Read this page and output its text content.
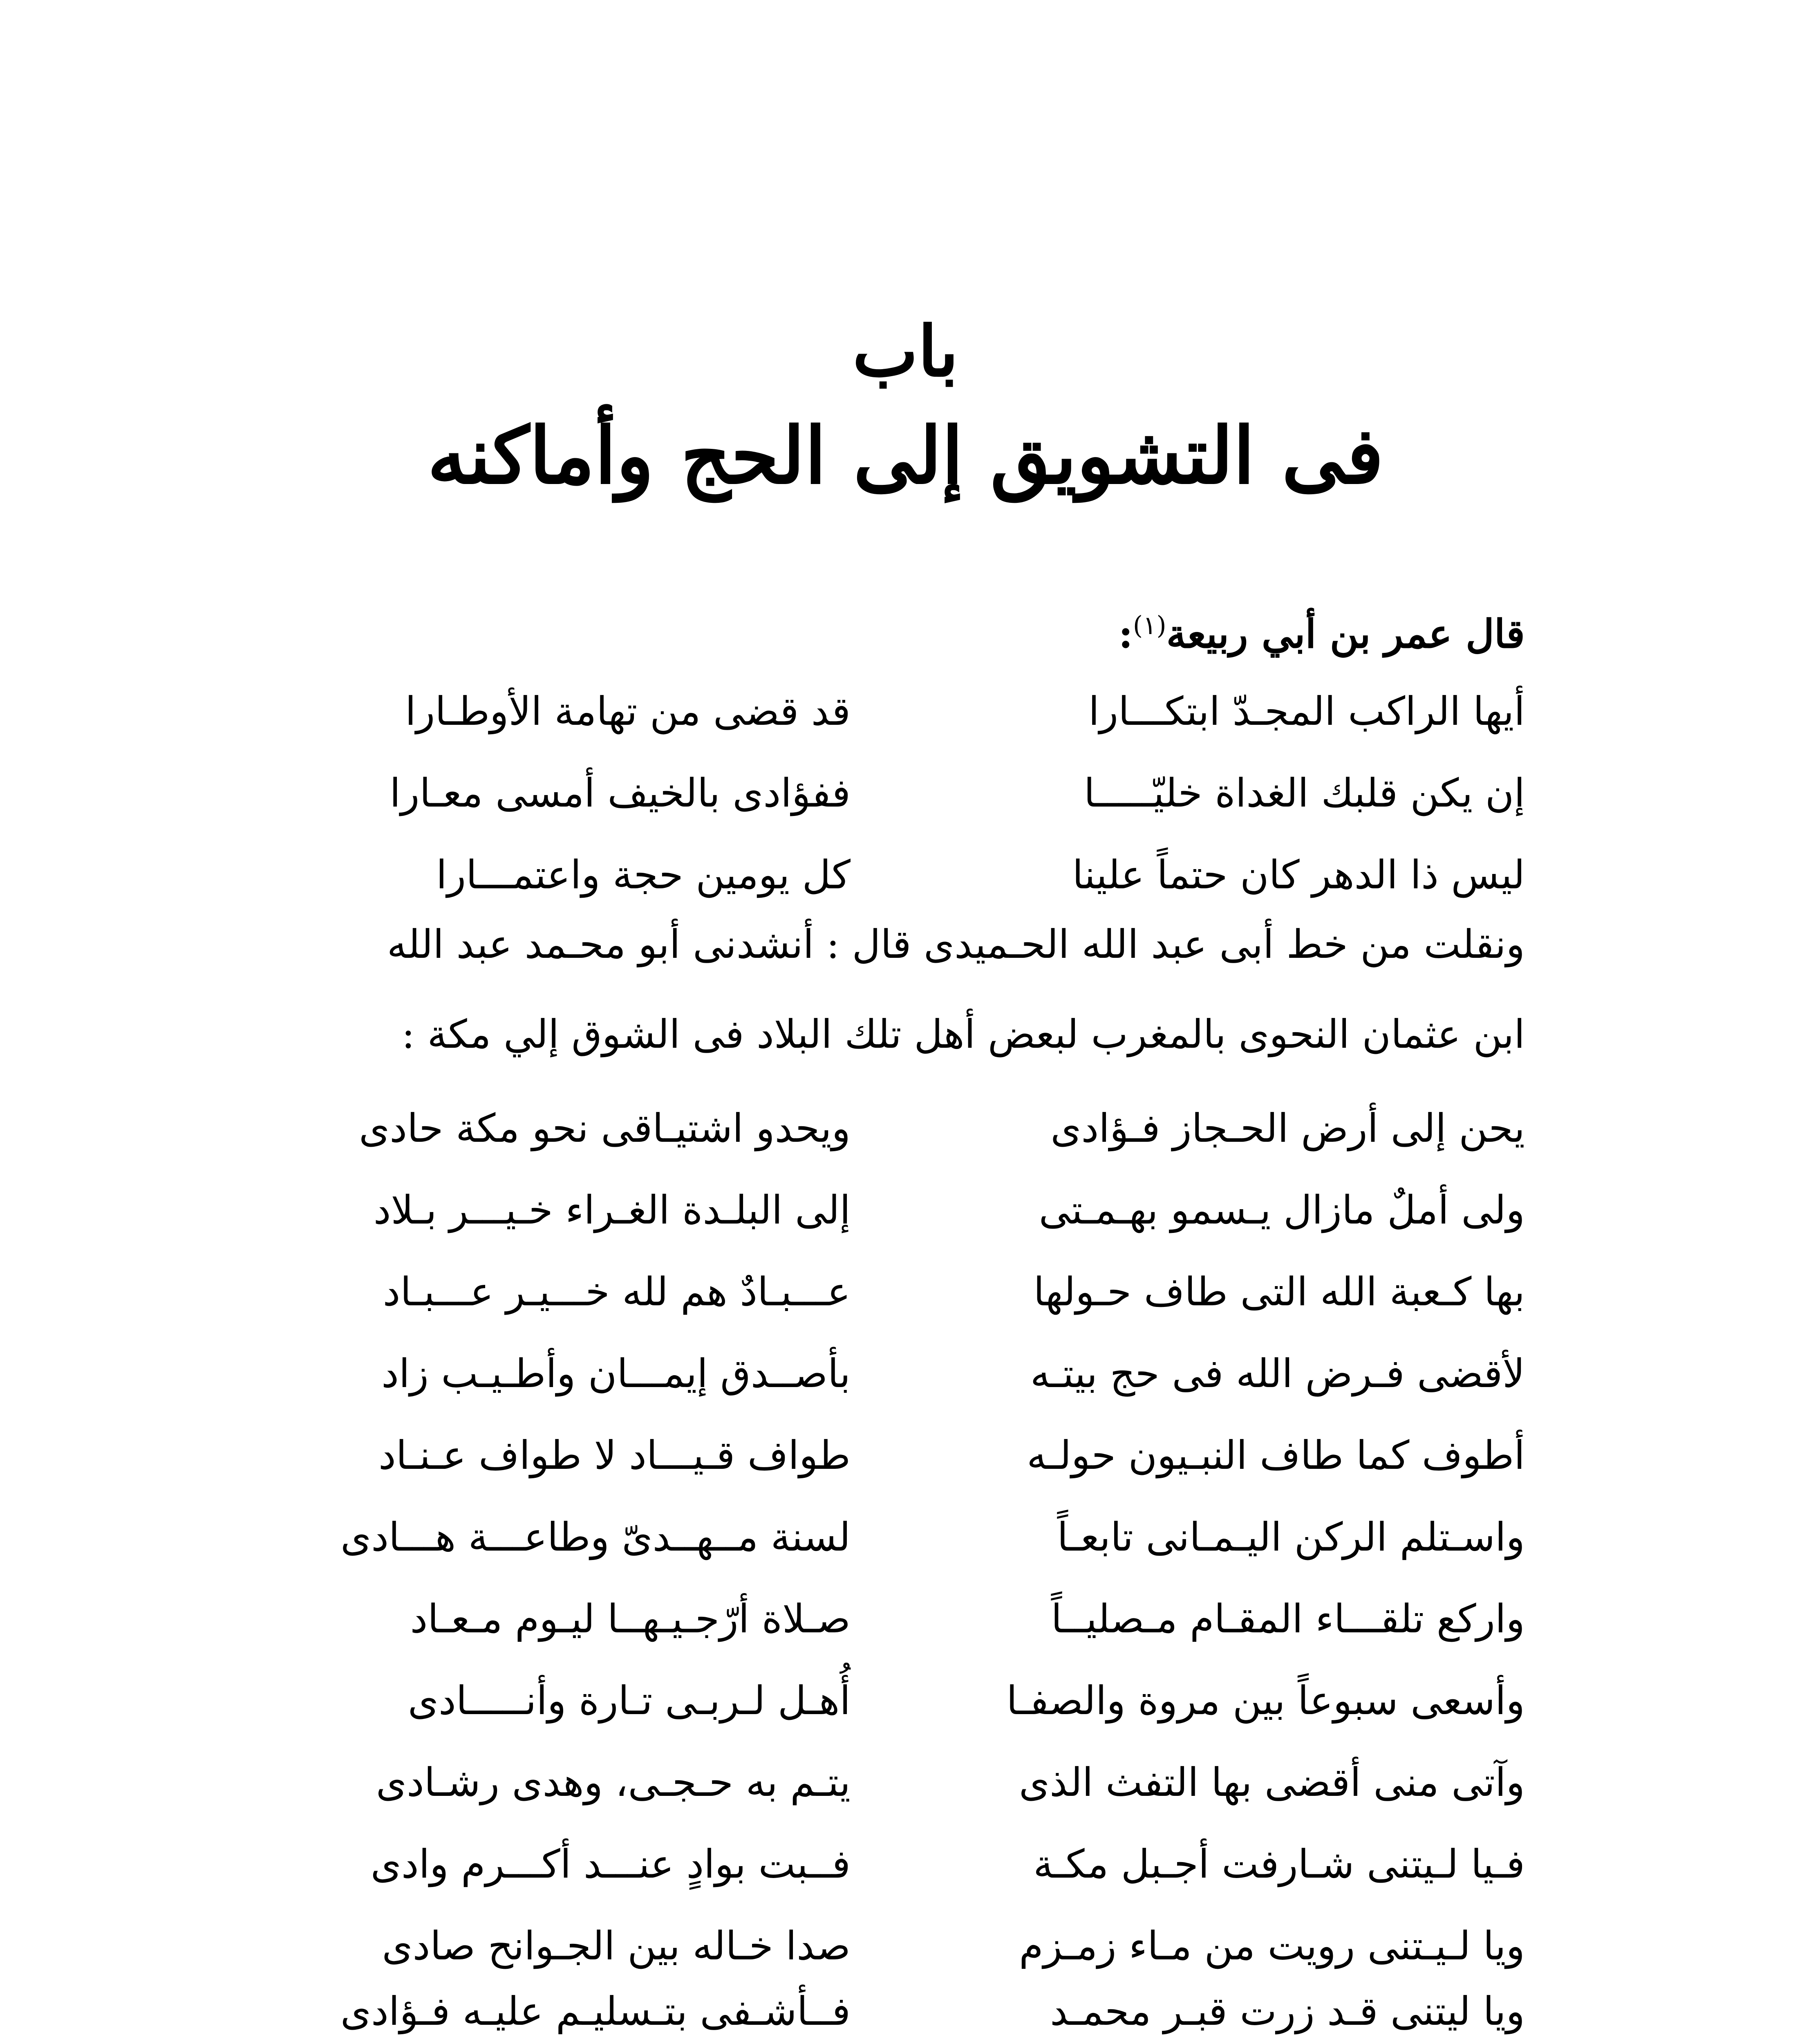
باب
فى التشويق إلى الحج وأماكنه
قال عمر بن أبي ربيعة$^{(١)}$:
أيها الراكب المجـدّ ابتكـــارا
قد قضى من تهامة الأوطـارا
إن يكن قلبك الغداة خليّـــــا
ففؤادى بالخيف أمسى معـارا
ليس ذا الدهر كان حتماً علينا
كل يومين حجة واعتمـــارا
ونقلت من خط أبى عبد الله الحـميدى قال : أنشدنى أبو محـمد عبد الله
ابن عثمان النحوى بالمغرب لبعض أهل تلك البلاد فى الشوق إلي مكة :
يحن إلى أرض الحـجاز فـؤادى
ويحدو اشتيـاقى نحو مكة حادى
ولى أملٌ مازال يـسمو بهـمـتى
إلى البلـدة الغـراء خـيـــر بـلاد
بها كـعبة الله التى طاف حـولها
عـــبـادٌ هم لله خـــيـر عـــبـاد
لأقضى فـرض الله فى حج بيتـه
بأصــدق إيمـــان وأطـيـب زاد
أطوف كما طاف النبـيون حولـه
طواف قـيـــاد لا طواف عـنـاد
واسـتلم الركن اليـمـانى تابعـاً
لسنة مــهــدىّ وطاعـــة هـــادى
واركع تلقـــاء المقـام مـصليــاً
صـلاة أرّجـيـهــا ليـوم مـعـاد
وأسعى سبوعاً بين مروة والصفـا
أُهـل لـربـى تـارة وأنـــــادى
وآتى منى أقضى بها التفث الذى
يتـم به حـجـى، وهدى رشـادى
فـيا لـيتنى شـارفت أجـبل مكـة
فــبت بوادٍ عنـــد أكـــرم وادى
ويا لـيـتنى رويت من مـاء زمـزم
صدا خـاله بين الجـوانح صادى
ويا ليتنى قـد زرت قبـر محمـد
فــأشـفى بتـسليـم عليـه فـؤادى
